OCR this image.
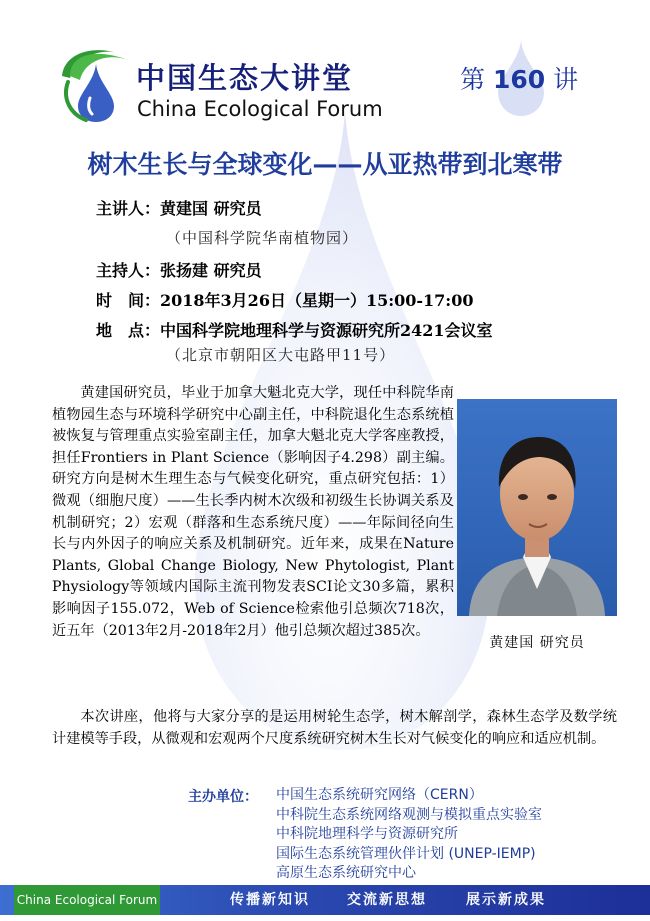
中国生态大讲堂
China Ecological Forum
第 160 讲
树木生长与全球变化——从亚热带到北寒带
主讲人：黄建国 研究员
（中国科学院华南植物园）
主持人：张扬建 研究员
时　间：2018年3月26日（星期一）15:00-17:00
地　点：中国科学院地理科学与资源研究所2421会议室
（北京市朝阳区大屯路甲11号）

黄建国研究员，毕业于加拿大魁北克大学，现任中科院华南植物园生态与环境科学研究中心副主任，中科院退化生态系统植被恢复与管理重点实验室副主任，加拿大魁北克大学客座教授，担任Frontiers in Plant Science（影响因子4.298）副主编。研究方向是树木生理生态与气候变化研究，重点研究包括：1）微观（细胞尺度）——生长季内树木次级和初级生长协调关系及机制研究；2）宏观（群落和生态系统尺度）——年际间径向生长与内外因子的响应关系及机制研究。近年来，成果在Nature Plants, Global Change Biology, New Phytologist, Plant Physiology等领域内国际主流刊物发表SCI论文30多篇，累积影响因子155.072，Web of Science检索他引总频次718次，近五年（2013年2月-2018年2月）他引总频次超过385次。

黄建国 研究员

本次讲座，他将与大家分享的是运用树轮生态学，树木解剖学，森林生态学及数学统计建模等手段，从微观和宏观两个尺度系统研究树木生长对气候变化的响应和适应机制。

主办单位： 中国生态系统研究网络（CERN）
中科院生态系统网络观测与模拟重点实验室
中科院地理科学与资源研究所
国际生态系统管理伙伴计划 (UNEP-IEMP)
高原生态系统研究中心
China Ecological Forum	传播新知识	交流新思想	展示新成果
